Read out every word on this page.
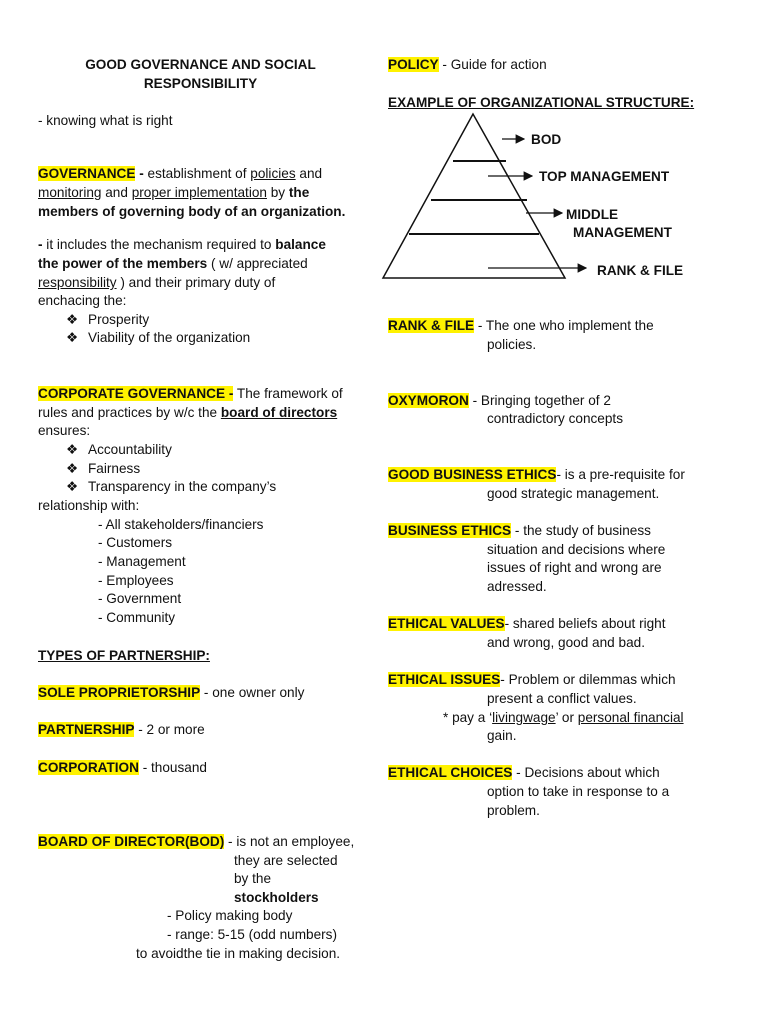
GOOD GOVERNANCE AND SOCIAL
RESPONSIBILITY
- knowing what is right
GOVERNANCE - establishment of policies and
monitoring and proper implementation by the
members of governing body of an organization.
- it includes the mechanism required to balance
the power of the members ( w/ appreciated
responsibility ) and their primary duty of
enchacing the:
❖ Prosperity
❖ Viability of the organization
CORPORATE GOVERNANCE - The framework of
rules and practices by w/c the board of directors
ensures:
❖ Accountability
❖ Fairness
❖ Transparency in the company’s
relationship with:
- All stakeholders/financiers
- Customers
- Management
- Employees
- Government
- Community
TYPES OF PARTNERSHIP:
SOLE PROPRIETORSHIP - one owner only
PARTNERSHIP - 2 or more
CORPORATION - thousand
BOARD OF DIRECTOR(BOD) - is not an employee,
they are selected
by the
stockholders
- Policy making body
- range: 5-15 (odd numbers)
to avoidthe tie in making decision.
POLICY - Guide for action
EXAMPLE OF ORGANIZATIONAL STRUCTURE:
BOD
TOP MANAGEMENT
MIDDLE
MANAGEMENT
RANK & FILE
RANK & FILE - The one who implement the
policies.
OXYMORON - Bringing together of 2
contradictory concepts
GOOD BUSINESS ETHICS- is a pre-requisite for
good strategic management.
BUSINESS ETHICS - the study of business
situation and decisions where
issues of right and wrong are
adressed.
ETHICAL VALUES- shared beliefs about right
and wrong, good and bad.
ETHICAL ISSUES- Problem or dilemmas which
present a conflict values.
* pay a ‘livingwage’ or personal financial
gain.
ETHICAL CHOICES - Decisions about which
option to take in response to a
problem.
